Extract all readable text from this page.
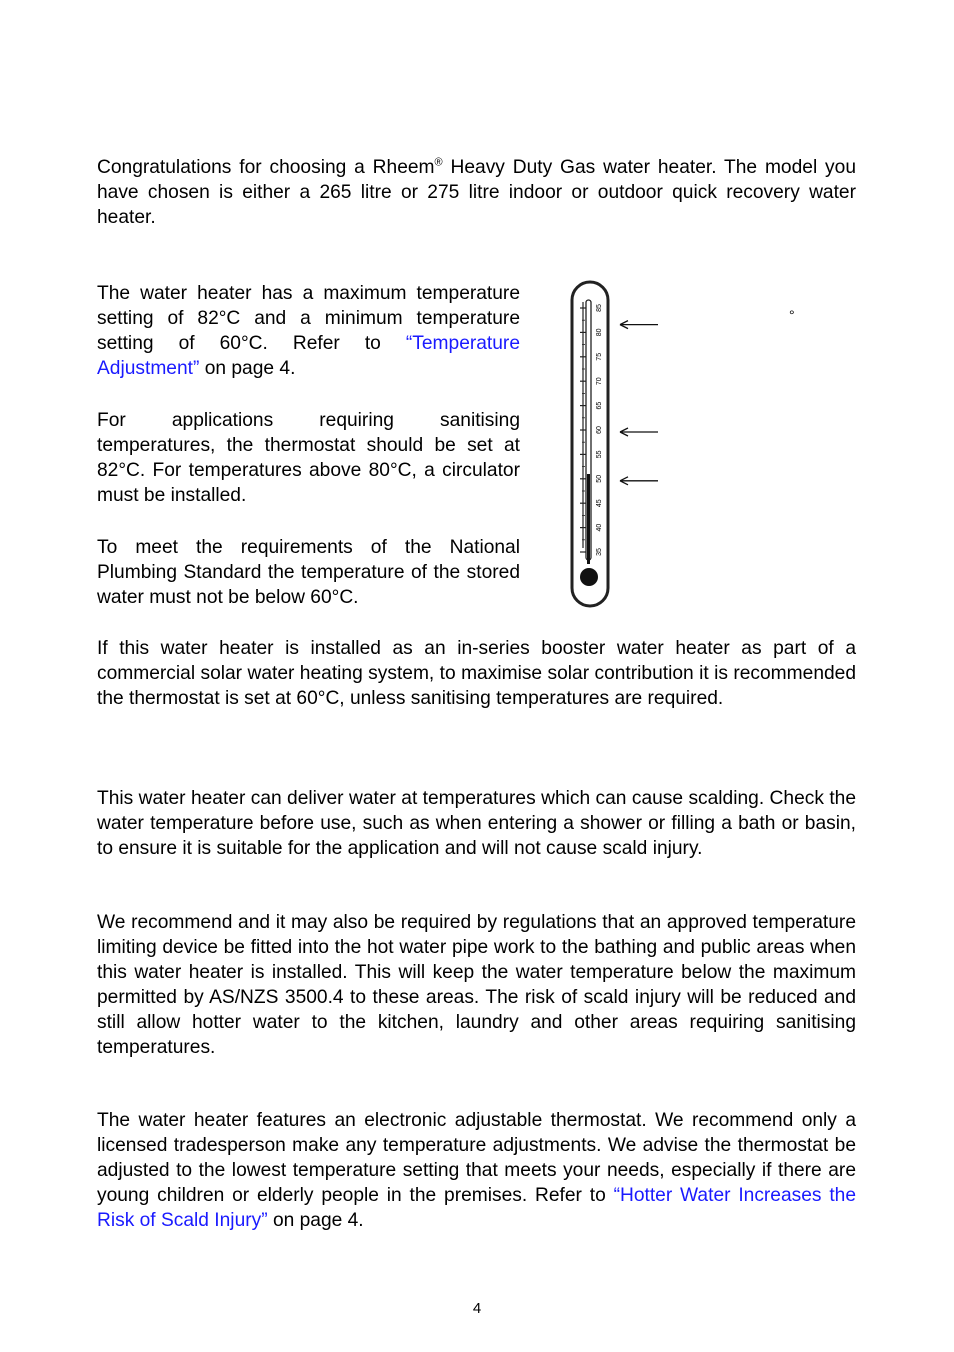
Congratulations for choosing a Rheem® Heavy Duty Gas water heater. The model you have chosen is either a 265 litre or 275 litre indoor or outdoor quick recovery water heater.

The water heater has a maximum temperature setting of 82°C and a minimum temperature setting of 60°C. Refer to “Temperature Adjustment” on page 4.

For applications requiring sanitising temperatures, the thermostat should be set at 82°C. For temperatures above 80°C, a circulator must be installed.

To meet the requirements of the National Plumbing Standard the temperature of the stored water must not be below 60°C.

85
80
75
70
65
60
55
50
45
40
35
°

If this water heater is installed as an in-series booster water heater as part of a commercial solar water heating system, to maximise solar contribution it is recommended the thermostat is set at 60°C, unless sanitising temperatures are required.

This water heater can deliver water at temperatures which can cause scalding. Check the water temperature before use, such as when entering a shower or filling a bath or basin, to ensure it is suitable for the application and will not cause scald injury.

We recommend and it may also be required by regulations that an approved temperature limiting device be fitted into the hot water pipe work to the bathing and public areas when this water heater is installed. This will keep the water temperature below the maximum permitted by AS/NZS 3500.4 to these areas. The risk of scald injury will be reduced and still allow hotter water to the kitchen, laundry and other areas requiring sanitising temperatures.

The water heater features an electronic adjustable thermostat. We recommend only a licensed tradesperson make any temperature adjustments. We advise the thermostat be adjusted to the lowest temperature setting that meets your needs, especially if there are young children or elderly people in the premises. Refer to “Hotter Water Increases the Risk of Scald Injury” on page 4.

4
